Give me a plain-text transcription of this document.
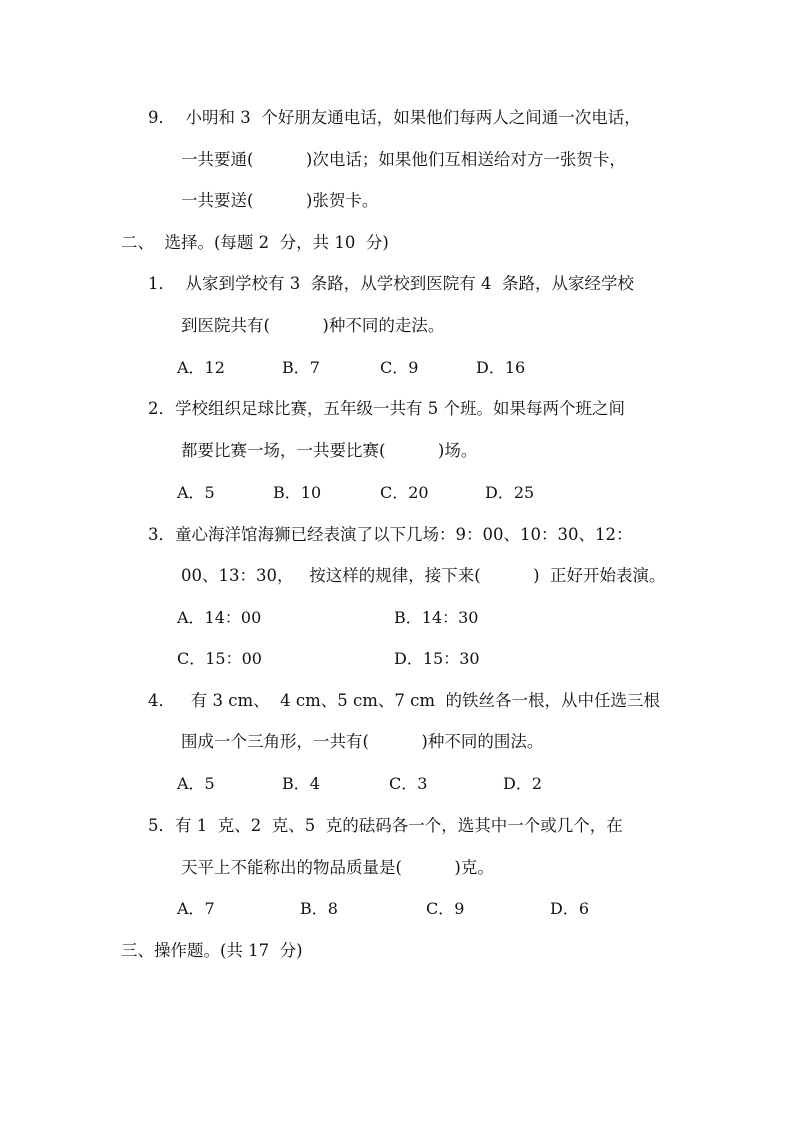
9．  小明和 3  个好朋友通电话，如果他们每两人之间通一次电话，
一共要通(          )次电话；如果他们互相送给对方一张贺卡，
一共要送(          )张贺卡。
二、  选择。(每题 2  分，共 10  分)
1．  从家到学校有 3  条路，从学校到医院有 4  条路，从家经学校
到医院共有(          )种不同的走法。
A．12	B．7	C．9	D．16
2．学校组织足球比赛，五年级一共有 5 个班。如果每两个班之间
都要比赛一场，一共要比赛(          )场。
A．5	B．10	C．20	D．25
3．童心海洋馆海狮已经表演了以下几场：9：00、10：30、12：
00、13：30，   按这样的规律，接下来(          )  正好开始表演。
A．14：00	B．14：30
C．15：00	D．15：30
4．   有 3 cm、  4 cm、5 cm、7 cm  的铁丝各一根，从中任选三根
围成一个三角形，一共有(          )种不同的围法。
A．5	B．4	C．3	D．2
5．有 1  克、2  克、5  克的砝码各一个，选其中一个或几个，在
天平上不能称出的物品质量是(          )克。
A．7	B．8	C．9	D．6
三、操作题。(共 17  分)
